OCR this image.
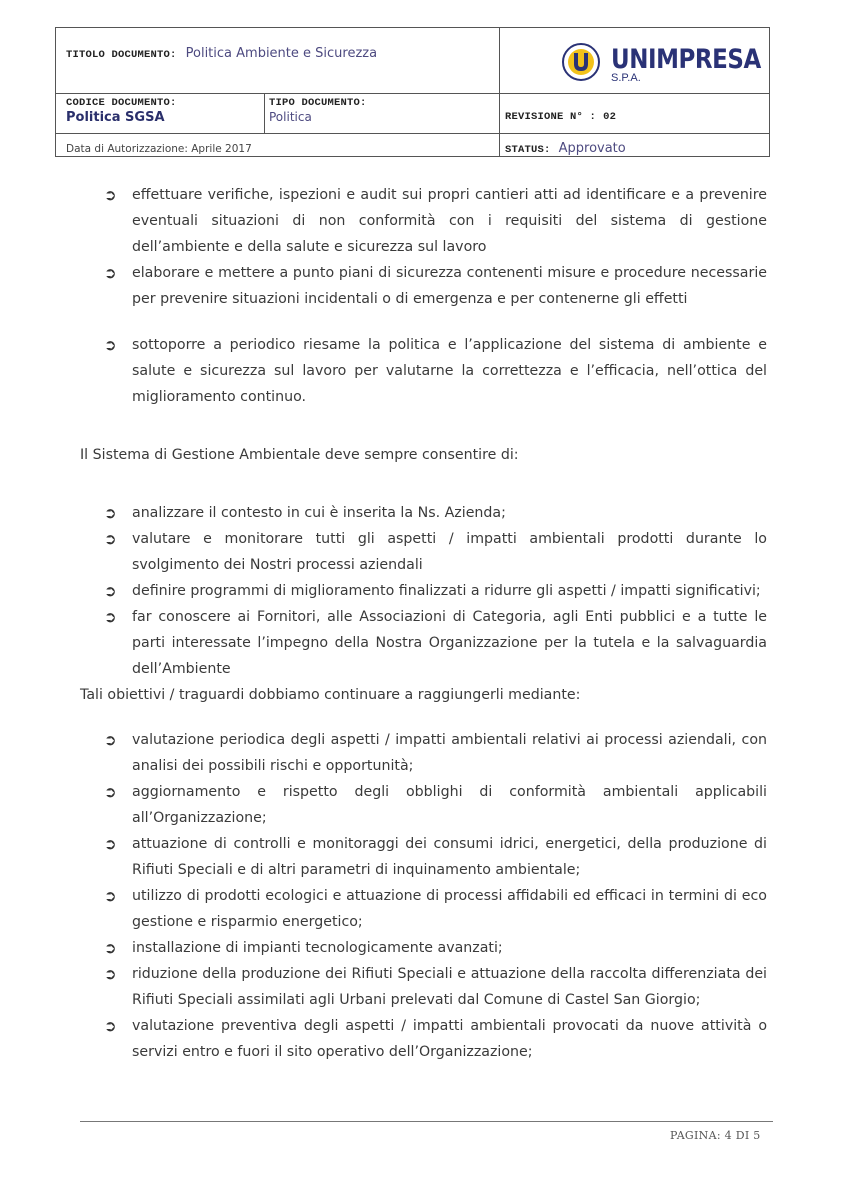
TITOLO DOCUMENTO: Politica Ambiente e Sicurezza	UNIMPRESA
S.P.A.
CODICE DOCUMENTO:
Politica SGSA
TIPO DOCUMENTO:
Politica	REVISIONE N° : 02
Data di Autorizzazione: Aprile 2017	STATUS: Approvato
➲ effettuare verifiche, ispezioni e audit sui propri cantieri atti ad identificare e a prevenire eventuali situazioni di non conformità con i requisiti del sistema di gestione dell’ambiente e della salute e sicurezza sul lavoro
➲ elaborare e mettere a punto piani di sicurezza contenenti misure e procedure necessarie per prevenire situazioni incidentali o di emergenza e per contenerne gli effetti
➲ sottoporre a periodico riesame la politica e l’applicazione del sistema di ambiente e salute e sicurezza sul lavoro per valutarne la correttezza e l’efficacia, nell’ottica del miglioramento continuo.
Il Sistema di Gestione Ambientale deve sempre consentire di:
➲ analizzare il contesto in cui è inserita la Ns. Azienda;
➲ valutare e monitorare tutti gli aspetti / impatti ambientali prodotti durante lo svolgimento dei Nostri processi aziendali
➲ definire programmi di miglioramento finalizzati a ridurre gli aspetti / impatti significativi;
➲ far conoscere ai Fornitori, alle Associazioni di Categoria, agli Enti pubblici e a tutte le parti interessate l’impegno della Nostra Organizzazione per la tutela e la salvaguardia dell’Ambiente
Tali obiettivi / traguardi dobbiamo continuare a raggiungerli mediante:
➲ valutazione periodica degli aspetti / impatti ambientali relativi ai processi aziendali, con analisi dei possibili rischi e opportunità;
➲ aggiornamento e rispetto degli obblighi di conformità ambientali applicabili all’Organizzazione;
➲ attuazione di controlli e monitoraggi dei consumi idrici, energetici, della produzione di Rifiuti Speciali e di altri parametri di inquinamento ambientale;
➲ utilizzo di prodotti ecologici e attuazione di processi affidabili ed efficaci in termini di eco gestione e risparmio energetico;
➲ installazione di impianti tecnologicamente avanzati;
➲ riduzione della produzione dei Rifiuti Speciali e attuazione della raccolta differenziata dei Rifiuti Speciali assimilati agli Urbani prelevati dal Comune di Castel San Giorgio;
➲ valutazione preventiva degli aspetti / impatti ambientali provocati da nuove attività o servizi entro e fuori il sito operativo dell’Organizzazione;
PAGINA: 4 DI 5
